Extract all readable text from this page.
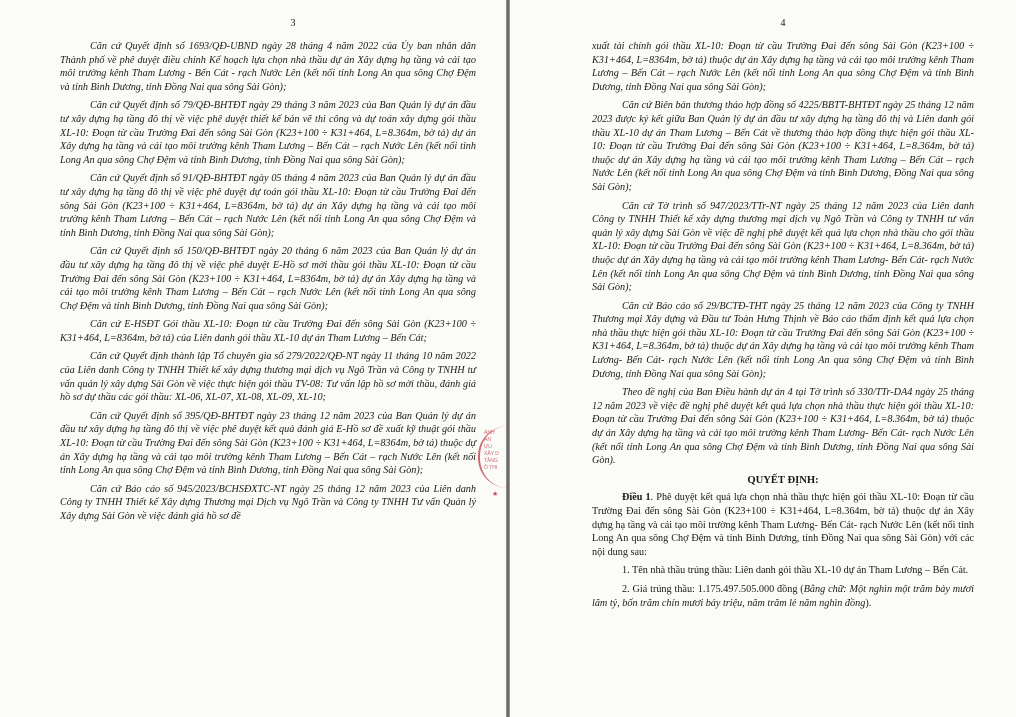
3

Căn cứ Quyết định số 1693/QĐ-UBND ngày 28 tháng 4 năm 2022 của Ủy ban nhân dân Thành phố về phê duyệt điều chỉnh Kế hoạch lựa chọn nhà thầu dự án Xây dựng hạ tầng và cải tạo môi trường kênh Tham Lương - Bến Cát - rạch Nước Lên (kết nối tỉnh Long An qua sông Chợ Đệm và tỉnh Bình Dương, tỉnh Đồng Nai qua sông Sài Gòn);

Căn cứ Quyết định số 79/QĐ-BHTĐT ngày 29 tháng 3 năm 2023 của Ban Quản lý dự án đầu tư xây dựng hạ tầng đô thị về việc phê duyệt thiết kế bản vẽ thi công và dự toán xây dựng gói thầu XL-10: Đoạn từ cầu Trường Đai đến sông Sài Gòn (K23+100 ÷ K31+464, L=8.364m, bờ tả) dự án Xây dựng hạ tầng và cải tạo môi trường kênh Tham Lương – Bến Cát – rạch Nước Lên (kết nối tỉnh Long An qua sông Chợ Đệm và tỉnh Bình Dương, tỉnh Đồng Nai qua sông Sài Gòn);

Căn cứ Quyết định số 91/QĐ-BHTĐT ngày 05 tháng 4 năm 2023 của Ban Quản lý dự án đầu tư xây dựng hạ tầng đô thị về việc phê duyệt dự toán gói thầu XL-10: Đoạn từ cầu Trường Đai đến sông Sài Gòn (K23+100 ÷ K31+464, L=8364m, bờ tả) dự án Xây dựng hạ tầng và cải tạo môi trường kênh Tham Lương – Bến Cát – rạch Nước Lên (kết nối tỉnh Long An qua sông Chợ Đệm và tỉnh Bình Dương, tỉnh Đồng Nai qua sông Sài Gòn);

Căn cứ Quyết định số 150/QĐ-BHTĐT ngày 20 tháng 6 năm 2023 của Ban Quản lý dự án đầu tư xây dựng hạ tầng đô thị về việc phê duyệt E-Hồ sơ mời thầu gói thầu XL-10: Đoạn từ cầu Trường Đai đến sông Sài Gòn (K23+100 ÷ K31+464, L=8364m, bờ tả) dự án Xây dựng hạ tầng và cải tạo môi trường kênh Tham Lương – Bến Cát – rạch Nước Lên (kết nối tỉnh Long An qua sông Chợ Đệm và tỉnh Bình Dương, tỉnh Đồng Nai qua sông Sài Gòn);

Căn cứ E-HSĐT Gói thầu XL-10: Đoạn từ cầu Trường Đai đến sông Sài Gòn (K23+100 ÷ K31+464, L=8364m, bờ tả) của Liên danh gói thầu XL-10 dự án Tham Lương – Bến Cát;

Căn cứ Quyết định thành lập Tổ chuyên gia số 279/2022/QĐ-NT ngày 11 tháng 10 năm 2022 của Liên danh Công ty TNHH Thiết kế xây dựng thương mại dịch vụ Ngô Trần và Công ty TNHH tư vấn quản lý xây dựng Sài Gòn về việc thực hiện gói thầu TV-08: Tư vấn lập hồ sơ mời thầu, đánh giá hồ sơ dự thầu các gói thầu: XL-06, XL-07, XL-08, XL-09, XL-10;

Căn cứ Quyết định số 395/QĐ-BHTĐT ngày 23 tháng 12 năm 2023 của Ban Quản lý dự án đầu tư xây dựng hạ tầng đô thị về việc phê duyệt kết quả đánh giá E-Hồ sơ đề xuất kỹ thuật gói thầu XL-10: Đoạn từ cầu Trường Đai đến sông Sài Gòn (K23+100 ÷ K31+464, L=8364m, bờ tả) thuộc dự án Xây dựng hạ tầng và cải tạo môi trường kênh Tham Lương – Bến Cát – rạch Nước Lên (kết nối tỉnh Long An qua sông Chợ Đệm và tỉnh Bình Dương, tỉnh Đồng Nai qua sông Sài Gòn);

Căn cứ Báo cáo số 945/2023/BCHSĐXTC-NT ngày 25 tháng 12 năm 2023 của Liên danh Công ty TNHH Thiết kế Xây dựng Thương mại Dịch vụ Ngô Trần và Công ty TNHH Tư vấn Quản lý Xây dựng Sài Gòn về việc đánh giá hồ sơ đề

ÀNH
ẤN
ỰU
XÂY D
TẦNG
Ô THI
★
4

xuất tài chính gói thầu XL-10: Đoạn từ cầu Trường Đai đến sông Sài Gòn (K23+100 ÷ K31+464, L=8364m, bờ tả) thuộc dự án Xây dựng hạ tầng và cải tạo môi trường kênh Tham Lương – Bến Cát – rạch Nước Lên (kết nối tỉnh Long An qua sông Chợ Đệm và tỉnh Bình Dương, tỉnh Đồng Nai qua sông Sài Gòn);

Căn cứ Biên bản thương thảo hợp đồng số 4225/BBTT-BHTĐT ngày 25 tháng 12 năm 2023 được ký kết giữa Ban Quản lý dự án đầu tư xây dựng hạ tầng đô thị và Liên danh gói thầu XL-10 dự án Tham Lương – Bến Cát về thương thảo hợp đồng thực hiện gói thầu XL-10: Đoạn từ cầu Trường Đai đến sông Sài Gòn (K23+100 ÷ K31+464, L=8.364m, bờ tả) thuộc dự án Xây dựng hạ tầng và cải tạo môi trường kênh Tham Lương – Bến Cát – rạch Nước Lên (kết nối tỉnh Long An qua sông Chợ Đệm và tỉnh Bình Dương, Đồng Nai qua sông Sài Gòn);

Căn cứ Tờ trình số 947/2023/TTr-NT ngày 25 tháng 12 năm 2023 của Liên danh Công ty TNHH Thiết kế xây dựng thương mại dịch vụ Ngô Trần và Công ty TNHH tư vấn quản lý xây dựng Sài Gòn về việc đề nghị phê duyệt kết quả lựa chọn nhà thầu cho gói thầu XL-10: Đoạn từ cầu Trường Đai đến sông Sài Gòn (K23+100 ÷ K31+464, L=8.364m, bờ tả) thuộc dự án Xây dựng hạ tầng và cải tạo môi trường kênh Tham Lương- Bến Cát- rạch Nước Lên (kết nối tỉnh Long An qua sông Chợ Đệm và tỉnh Bình Dương, tỉnh Đồng Nai qua sông Sài Gòn);

Căn cứ Báo cáo số 29/BCTĐ-THT ngày 25 tháng 12 năm 2023 của Công ty TNHH Thương mại Xây dựng và Đầu tư Toàn Hưng Thịnh về Báo cáo thẩm định kết quả lựa chọn nhà thầu thực hiện gói thầu XL-10: Đoạn từ cầu Trường Đai đến sông Sài Gòn (K23+100 ÷ K31+464, L=8.364m, bờ tả) thuộc dự án Xây dựng hạ tầng và cải tạo môi trường kênh Tham Lương- Bến Cát- rạch Nước Lên (kết nối tỉnh Long An qua sông Chợ Đệm và tỉnh Bình Dương, tỉnh Đồng Nai qua sông Sài Gòn);

Theo đề nghị của Ban Điều hành dự án 4 tại Tờ trình số 330/TTr-DA4 ngày 25 tháng 12 năm 2023 về việc đề nghị phê duyệt kết quả lựa chọn nhà thầu thực hiện gói thầu XL-10: Đoạn từ cầu Trường Đai đến sông Sài Gòn (K23+100 ÷ K31+464, L=8.364m, bờ tả) thuộc dự án Xây dựng hạ tầng và cải tạo môi trường kênh Tham Lương- Bến Cát- rạch Nước Lên (kết nối tỉnh Long An qua sông Chợ Đệm và tỉnh Bình Dương, tỉnh Đồng Nai qua sông Sài Gòn).

QUYẾT ĐỊNH:

Điều 1. Phê duyệt kết quả lựa chọn nhà thầu thực hiện gói thầu XL-10: Đoạn từ cầu Trường Đai đến sông Sài Gòn (K23+100 ÷ K31+464, L=8.364m, bờ tả) thuộc dự án Xây dựng hạ tầng và cải tạo môi trường kênh Tham Lương- Bến Cát- rạch Nước Lên (kết nối tỉnh Long An qua sông Chợ Đệm và tỉnh Bình Dương, tỉnh Đồng Nai qua sông Sài Gòn) với các nội dung sau:

1. Tên nhà thầu trúng thầu: Liên danh gói thầu XL-10 dự án Tham Lương – Bến Cát.

2. Giá trúng thầu: 1.175.497.505.000 đồng (Bằng chữ: Một nghìn một trăm bảy mươi lăm tỷ, bốn trăm chín mươi bảy triệu, năm trăm lẻ năm nghìn đồng).
